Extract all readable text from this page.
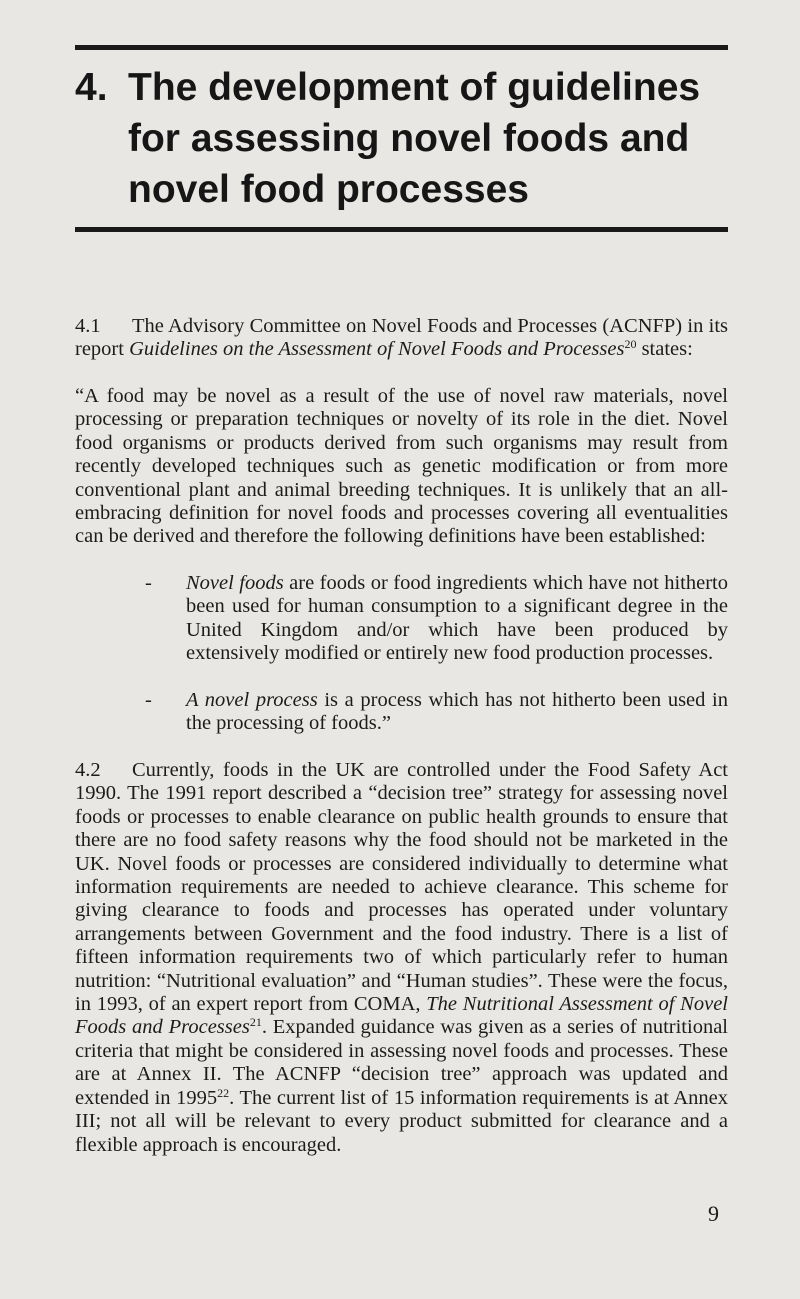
4. The development of guidelines for assessing novel foods and novel food processes
4.1 The Advisory Committee on Novel Foods and Processes (ACNFP) in its report Guidelines on the Assessment of Novel Foods and Processes$^{20}$ states:
“A food may be novel as a result of the use of novel raw materials, novel processing or preparation techniques or novelty of its role in the diet. Novel food organisms or products derived from such organisms may result from recently developed techniques such as genetic modification or from more conventional plant and animal breeding techniques. It is unlikely that an all-embracing definition for novel foods and processes covering all eventualities can be derived and therefore the following definitions have been established:
- Novel foods are foods or food ingredients which have not hitherto been used for human consumption to a significant degree in the United Kingdom and/or which have been produced by extensively modified or entirely new food production processes.
- A novel process is a process which has not hitherto been used in the processing of foods.”
4.2 Currently, foods in the UK are controlled under the Food Safety Act 1990. The 1991 report described a “decision tree” strategy for assessing novel foods or processes to enable clearance on public health grounds to ensure that there are no food safety reasons why the food should not be marketed in the UK. Novel foods or processes are considered individually to determine what information requirements are needed to achieve clearance. This scheme for giving clearance to foods and processes has operated under voluntary arrangements between Government and the food industry. There is a list of fifteen information requirements two of which particularly refer to human nutrition: “Nutritional evaluation” and “Human studies”. These were the focus, in 1993, of an expert report from COMA, The Nutritional Assessment of Novel Foods and Processes$^{21}$. Expanded guidance was given as a series of nutritional criteria that might be considered in assessing novel foods and processes. These are at Annex II. The ACNFP “decision tree” approach was updated and extended in 1995$^{22}$. The current list of 15 information requirements is at Annex III; not all will be relevant to every product submitted for clearance and a flexible approach is encouraged.
9
